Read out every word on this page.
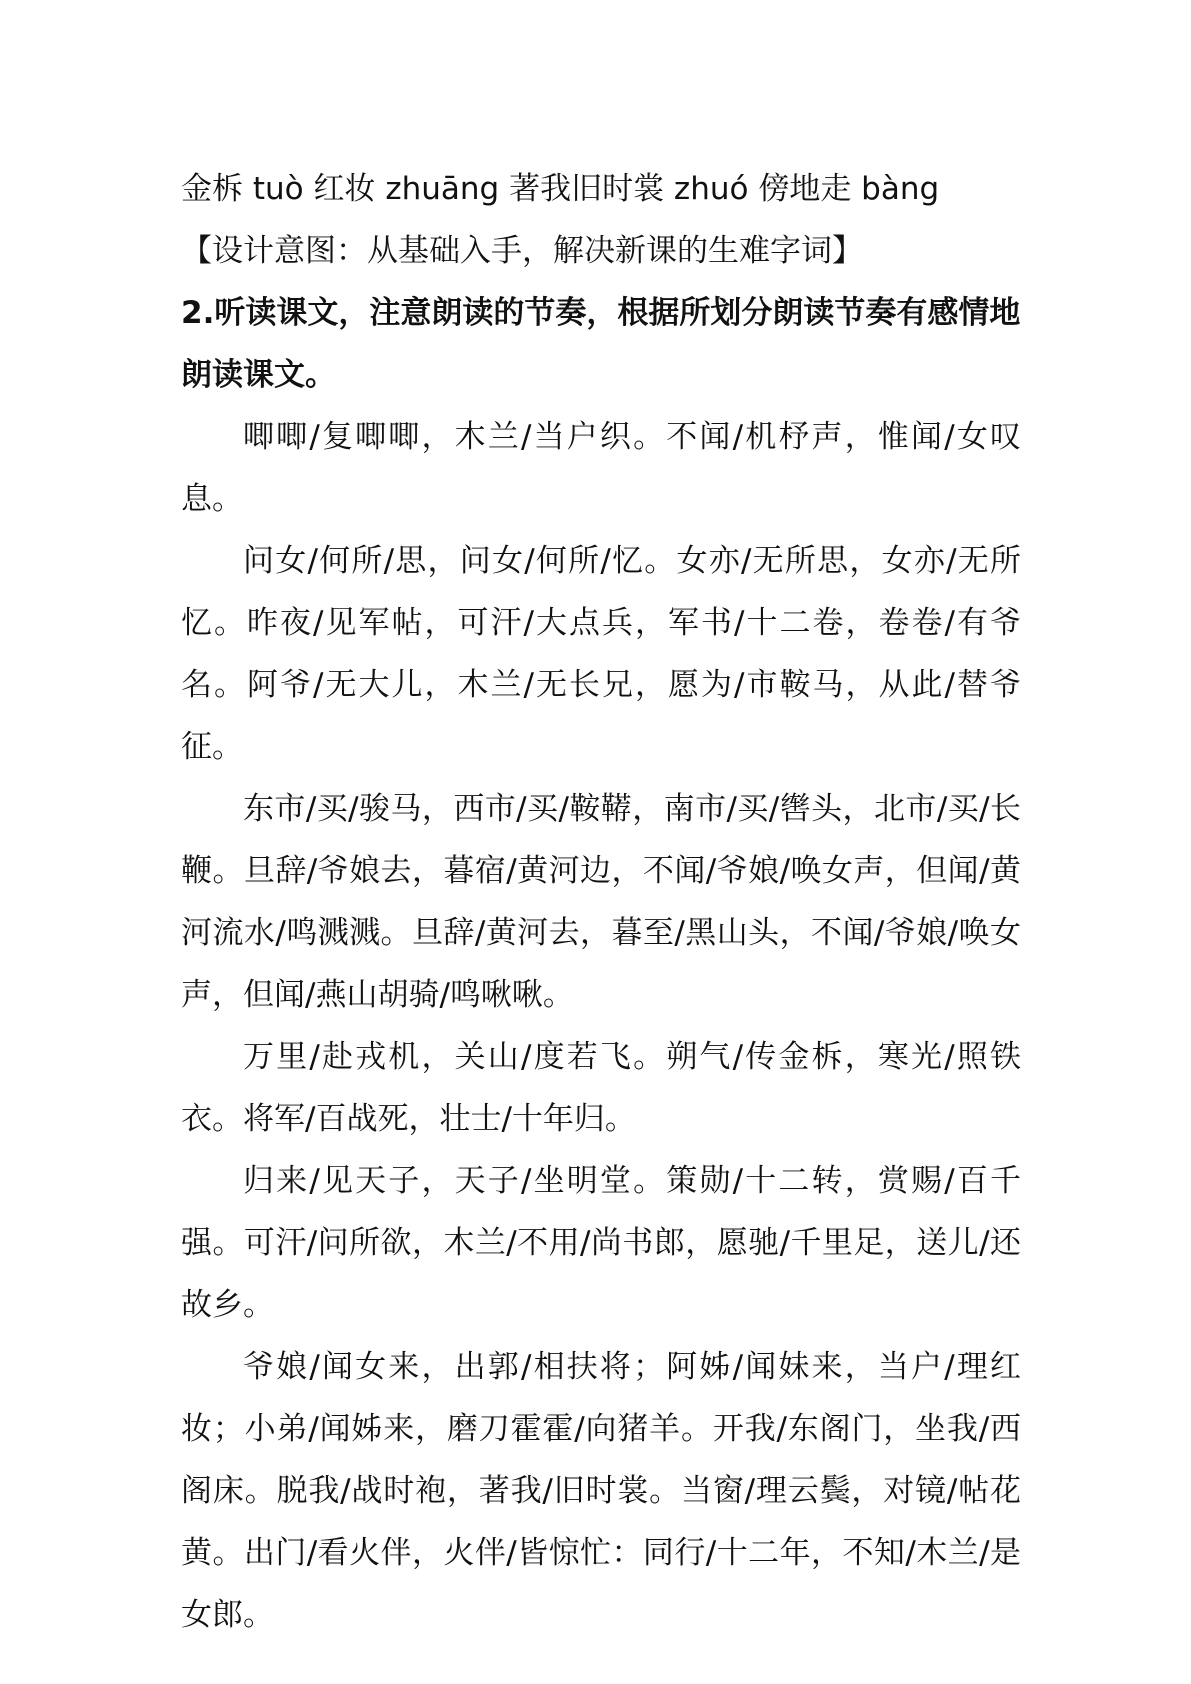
金柝 tuò 红妆 zhuāng 著我旧时裳 zhuó 傍地走 bàng

【设计意图：从基础入手，解决新课的生难字词】

2.听读课文，注意朗读的节奏，根据所划分朗读节奏有感情地朗读课文。

唧唧/复唧唧，木兰/当户织。不闻/机杼声，惟闻/女叹息。

问女/何所/思，问女/何所/忆。女亦/无所思，女亦/无所忆。昨夜/见军帖，可汗/大点兵，军书/十二卷，卷卷/有爷名。阿爷/无大儿，木兰/无长兄，愿为/市鞍马，从此/替爷征。

东市/买/骏马，西市/买/鞍鞯，南市/买/辔头，北市/买/长鞭。旦辞/爷娘去，暮宿/黄河边，不闻/爷娘/唤女声，但闻/黄河流水/鸣溅溅。旦辞/黄河去，暮至/黑山头，不闻/爷娘/唤女声，但闻/燕山胡骑/鸣啾啾。

万里/赴戎机，关山/度若飞。朔气/传金柝，寒光/照铁衣。将军/百战死，壮士/十年归。

归来/见天子，天子/坐明堂。策勋/十二转，赏赐/百千强。可汗/问所欲，木兰/不用/尚书郎，愿驰/千里足，送儿/还故乡。

爷娘/闻女来，出郭/相扶将；阿姊/闻妹来，当户/理红妆；小弟/闻姊来，磨刀霍霍/向猪羊。开我/东阁门，坐我/西阁床。脱我/战时袍，著我/旧时裳。当窗/理云鬓，对镜/帖花黄。出门/看火伴，火伴/皆惊忙：同行/十二年，不知/木兰/是女郎。
